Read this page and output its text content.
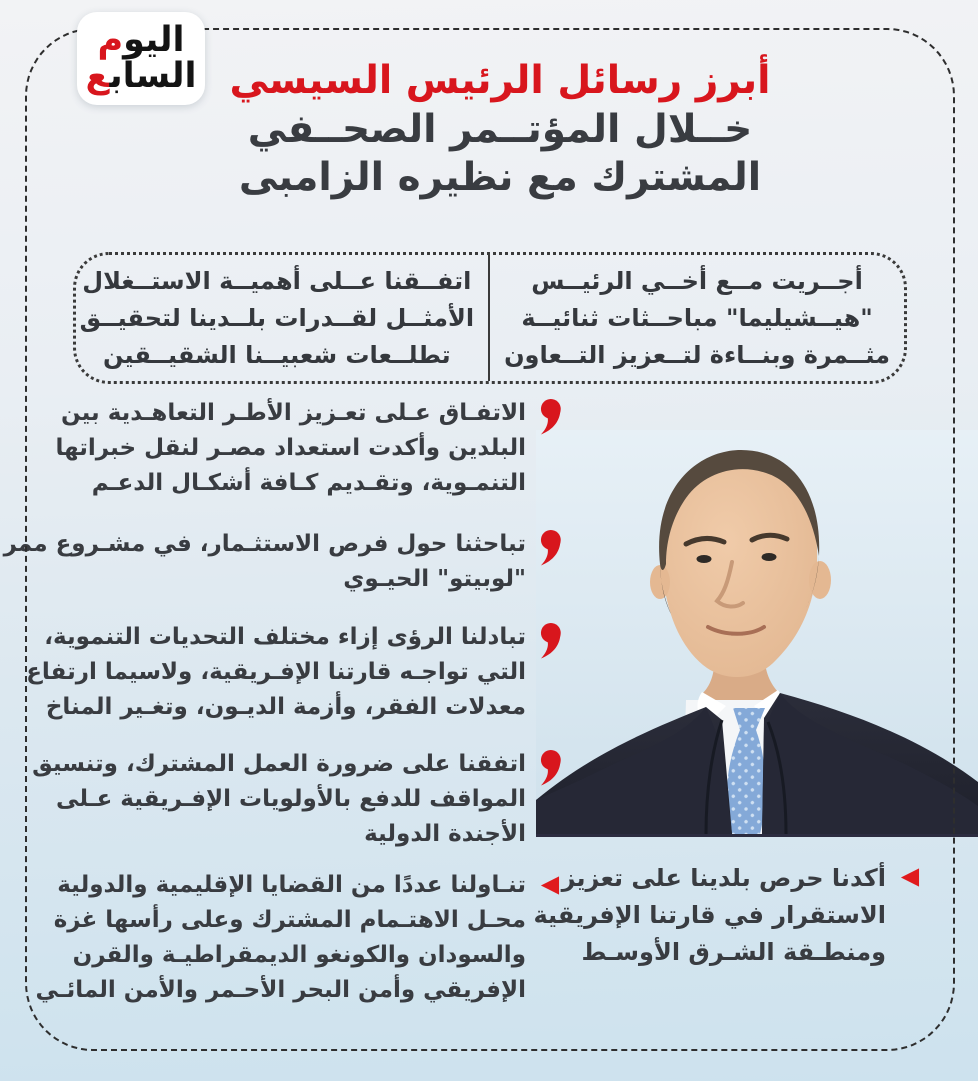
اليوم
الساب‍‍ع	أبرز رسائل الرئيس السيسي
خــلال المؤتــمر الصحــفي
المشترك مع نظيره الزامبى
أجــريت مــع أخــي الرئيــس
"هيــشيليما" مباحــثات ثنائيــة
مثــمرة وبنــاءة لتــعزيز التــعاون
اتفــقنا عــلى أهميــة الاستــغلال
الأمثــل لقــدرات بلــدينا لتحقيــق
تطلــعات شعبيــنا الشقيــقين
الاتفـاق عـلى تعـزيز الأطـر التعاهـدية بين
البلدين وأكدت استعداد مصـر لنقل خبراتها
التنمـوية، وتقـديم كـافة أشكـال الدعـم
تباحثنا حول فرص الاستثـمار، في مشـروع ممر
"لوبيتو" الحيـوي
تبادلنا الرؤى إزاء مختلف التحديات التنموية،
التي تواجـه قارتنا الإفـريقية، ولاسيما ارتفاع
معدلات الفقر، وأزمة الديـون، وتغـير المناخ
اتفقنا على ضرورة العمل المشترك، وتنسيق
المواقف للدفع بالأولويات الإفـريقية عـلى
الأجندة الدولية
تنـاولنا عددًا من القضايا الإقليمية والدولية
محـل الاهتـمام المشترك وعلى رأسها غزة
والسودان والكونغو الديمقراطيـة والقرن
الإفريقي وأمن البحر الأحـمر والأمن المائـي
أكدنا حرص بلدينا على تعزيز
الاستقرار في قارتنا الإفريقية
ومنطـقة الشـرق الأوسـط
